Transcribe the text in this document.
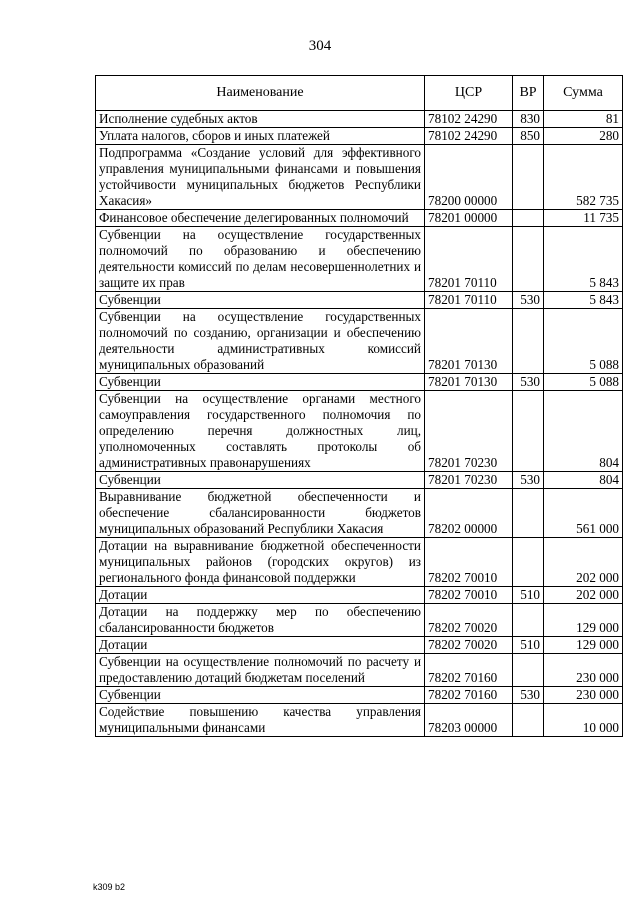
304
Наименование	ЦСР	ВР	Сумма
Исполнение судебных актов	78102 24290	830	81
Уплата налогов, сборов и иных платежей	78102 24290	850	280
Подпрограмма «Создание условий для эффективного управления муниципальными финансами и повышения устойчивости муниципальных бюджетов Республики Хакасия»	78200 00000		582 735
Финансовое обеспечение делегированных полномочий	78201 00000		11 735
Субвенции на осуществление государственных полномочий по образованию и обеспечению деятельности комиссий по делам несовершеннолетних и защите их прав	78201 70110		5 843
Субвенции	78201 70110	530	5 843
Субвенции на осуществление государственных полномочий по созданию, организации и обеспечению деятельности административных комиссий муниципальных образований	78201 70130		5 088
Субвенции	78201 70130	530	5 088
Субвенции на осуществление органами местного самоуправления государственного полномочия по определению перечня должностных лиц, уполномоченных составлять протоколы об административных правонарушениях	78201 70230		804
Субвенции	78201 70230	530	804
Выравнивание бюджетной обеспеченности и обеспечение сбалансированности бюджетов муниципальных образований Республики Хакасия	78202 00000		561 000
Дотации на выравнивание бюджетной обеспеченности муниципальных районов (городских округов) из регионального фонда финансовой поддержки	78202 70010		202 000
Дотации	78202 70010	510	202 000
Дотации на поддержку мер по обеспечению сбалансированности бюджетов	78202 70020		129 000
Дотации	78202 70020	510	129 000
Субвенции на осуществление полномочий по расчету и предоставлению дотаций бюджетам поселений	78202 70160		230 000
Субвенции	78202 70160	530	230 000
Содействие повышению качества управления муниципальными финансами	78203 00000		10 000
k309 b2
